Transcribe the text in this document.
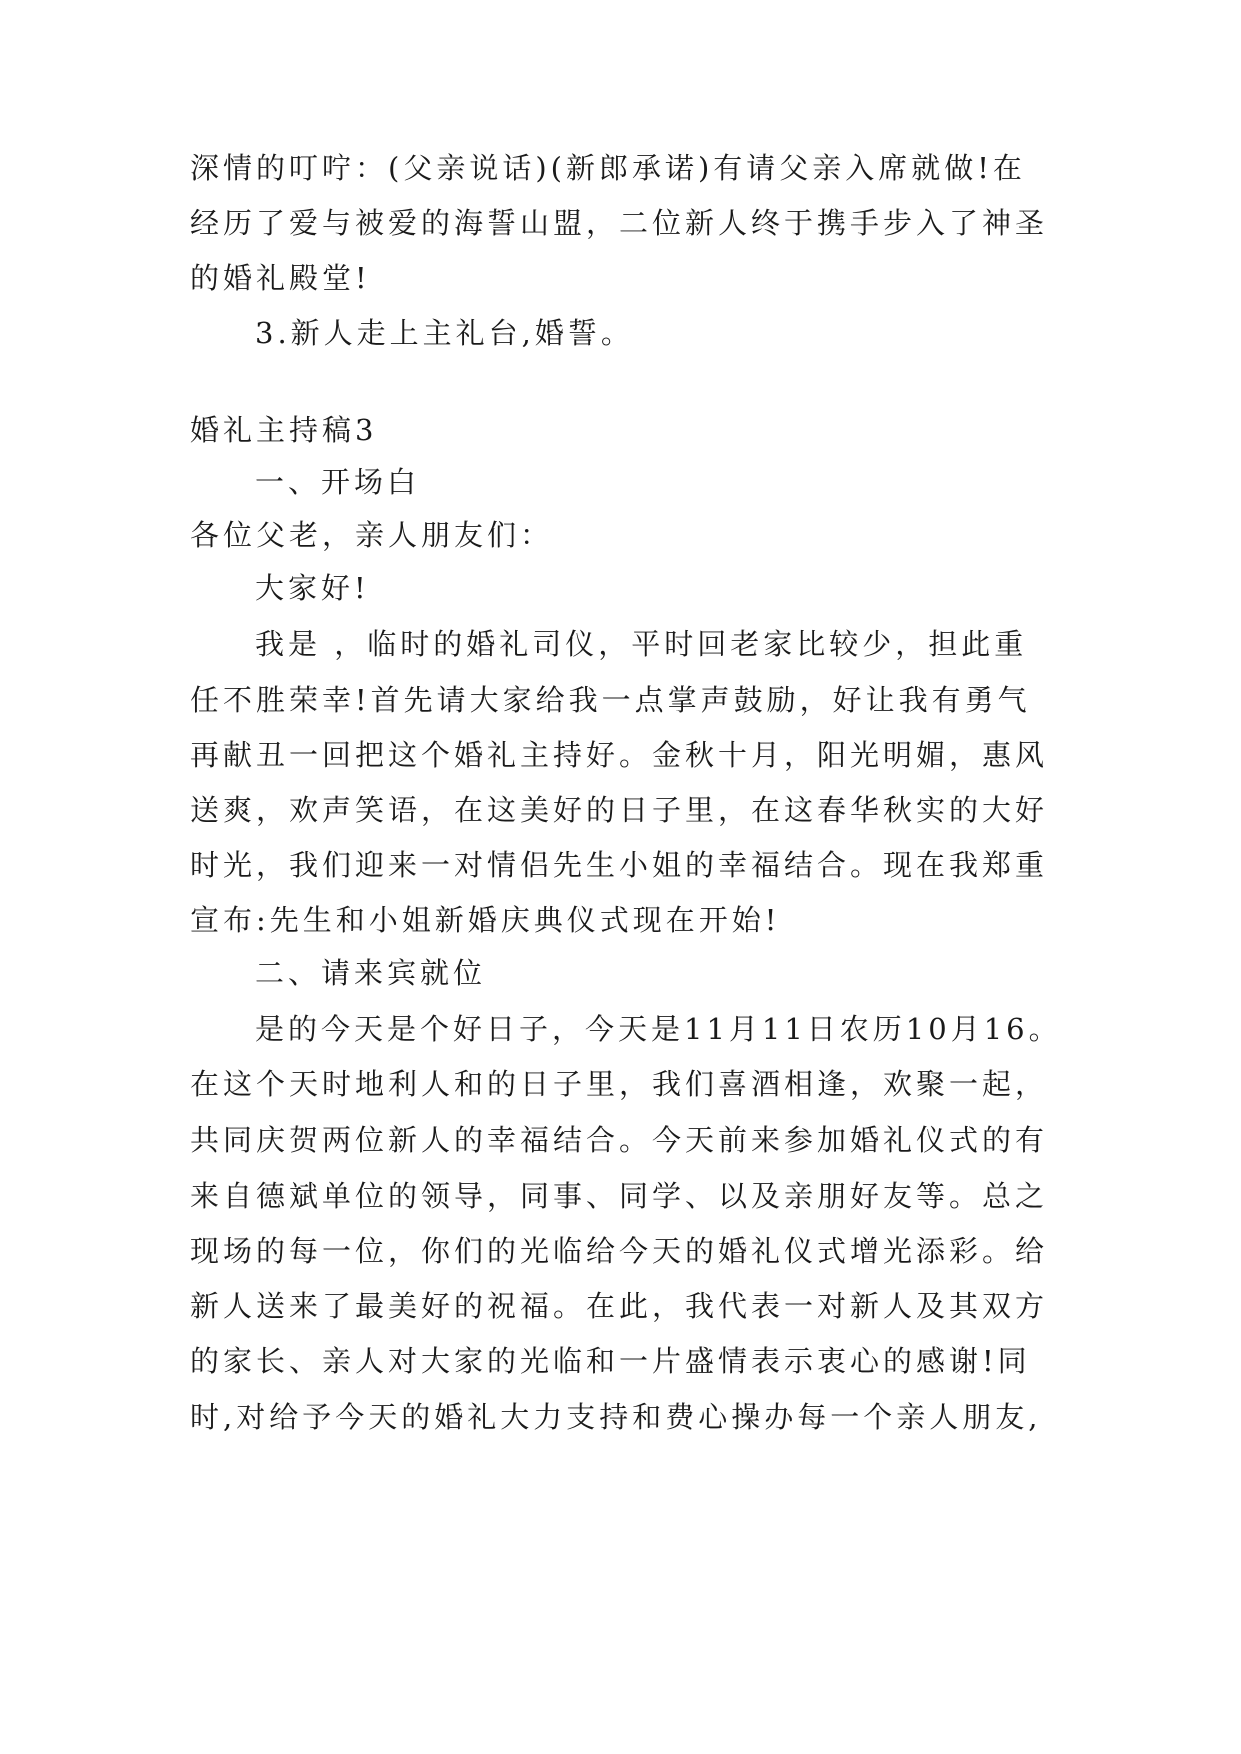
深情的叮咛：(父亲说话)(新郎承诺)有请父亲入席就做!在
经历了爱与被爱的海誓山盟，二位新人终于携手步入了神圣
的婚礼殿堂!
3.新人走上主礼台,婚誓。
婚礼主持稿3
一、开场白
各位父老，亲人朋友们：
大家好!
我是 ，临时的婚礼司仪，平时回老家比较少，担此重
任不胜荣幸!首先请大家给我一点掌声鼓励，好让我有勇气
再献丑一回把这个婚礼主持好。金秋十月，阳光明媚，惠风
送爽，欢声笑语，在这美好的日子里，在这春华秋实的大好
时光，我们迎来一对情侣先生小姐的幸福结合。现在我郑重
宣布:先生和小姐新婚庆典仪式现在开始!
二、请来宾就位
是的今天是个好日子，今天是11月11日农历10月16。
在这个天时地利人和的日子里，我们喜酒相逢，欢聚一起，
共同庆贺两位新人的幸福结合。今天前来参加婚礼仪式的有
来自德斌单位的领导，同事、同学、以及亲朋好友等。总之
现场的每一位，你们的光临给今天的婚礼仪式增光添彩。给
新人送来了最美好的祝福。在此，我代表一对新人及其双方
的家长、亲人对大家的光临和一片盛情表示衷心的感谢!同
时,对给予今天的婚礼大力支持和费心操办每一个亲人朋友,
